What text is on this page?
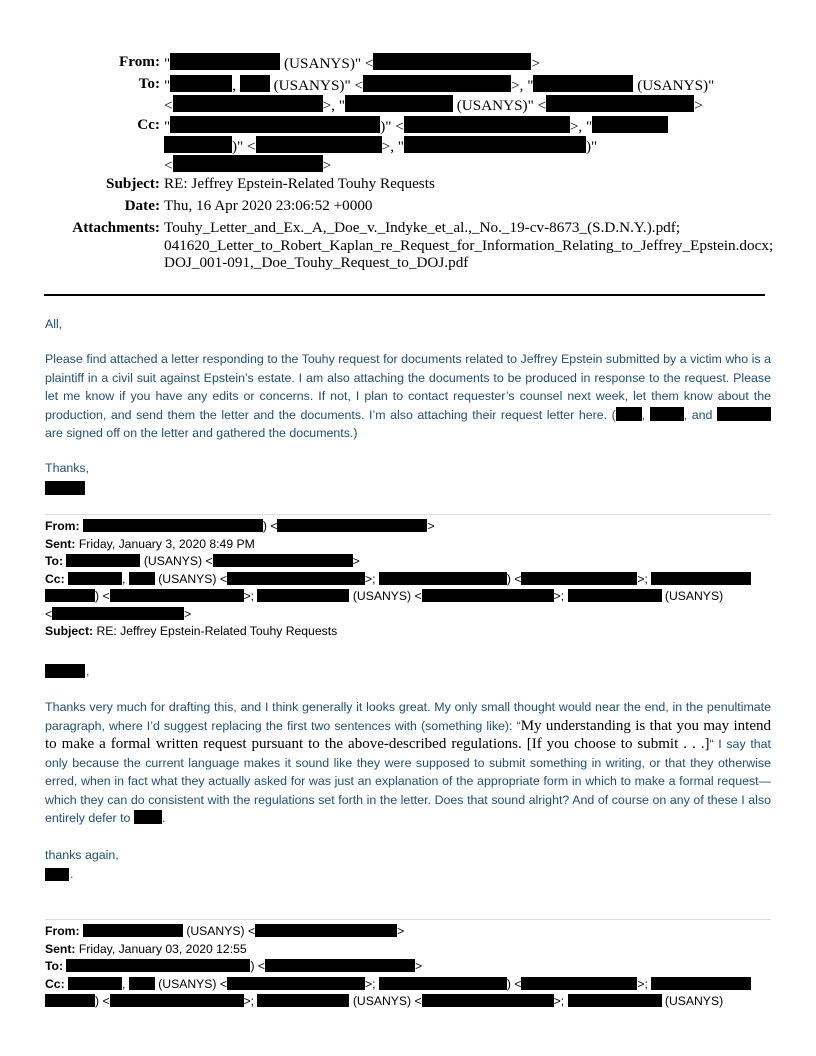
From: "	(USANYS)" <	>
To: "	,  (USANYS)" <	>, "	(USANYS)"
<	>, "	(USANYS)" <	>
Cc: "	)" <	>, "
)" <	>, "	)"
<	>
Subject: RE: Jeffrey Epstein-Related Touhy Requests
Date: Thu, 16 Apr 2020 23:06:52 +0000
Attachments: Touhy_Letter_and_Ex._A,_Doe_v._Indyke_et_al.,_No._19-cv-8673_(S.D.N.Y.).pdf;
041620_Letter_to_Robert_Kaplan_re_Request_for_Information_Relating_to_Jeffrey_Epstein.docx; DOJ_001-091,_Doe_Touhy_Request_to_DOJ.pdf
All,
Please find attached a letter responding to the Touhy request for documents related to Jeffrey Epstein submitted by a victim who is a plaintiff in a civil suit against Epstein’s estate. I am also attaching the documents to be produced in response to the request. Please let me know if you have any edits or concerns. If not, I plan to contact requester’s counsel next week, let them know about the production, and send them the letter and the documents. I’m also attaching their request letter here. ( ,	, and  are signed off on the letter and gathered the documents.)
Thanks,
From:	) <	>
Sent: Friday, January 3, 2020 8:49 PM
To:	(USANYS) <	>
Cc:	,  (USANYS) <	>;	) <	>;
) <	>;	(USANYS) <	>;	(USANYS)
<	>
Subject: RE: Jeffrey Epstein-Related Touhy Requests
,
Thanks very much for drafting this, and I think generally it looks great. My only small thought would near the end, in the penultimate paragraph, where I’d suggest replacing the first two sentences with (something like): “My understanding is that you may intend to make a formal written request pursuant to the above-described regulations. [If you choose to submit . . .]“ I say that only because the current language makes it sound like they were supposed to submit something in writing, or that they otherwise erred, when in fact what they actually asked for was just an explanation of the appropriate form in which to make a formal request—which they can do consistent with the regulations set forth in the letter. Does that sound alright? And of course on any of these I also entirely defer to	.
thanks again,
.
From:	(USANYS) <	>
Sent: Friday, January 03, 2020 12:55
To:	) <	>
Cc:	,  (USANYS) <	>;	) <	>;
) <	>;	(USANYS) <	>;	(USANYS)
